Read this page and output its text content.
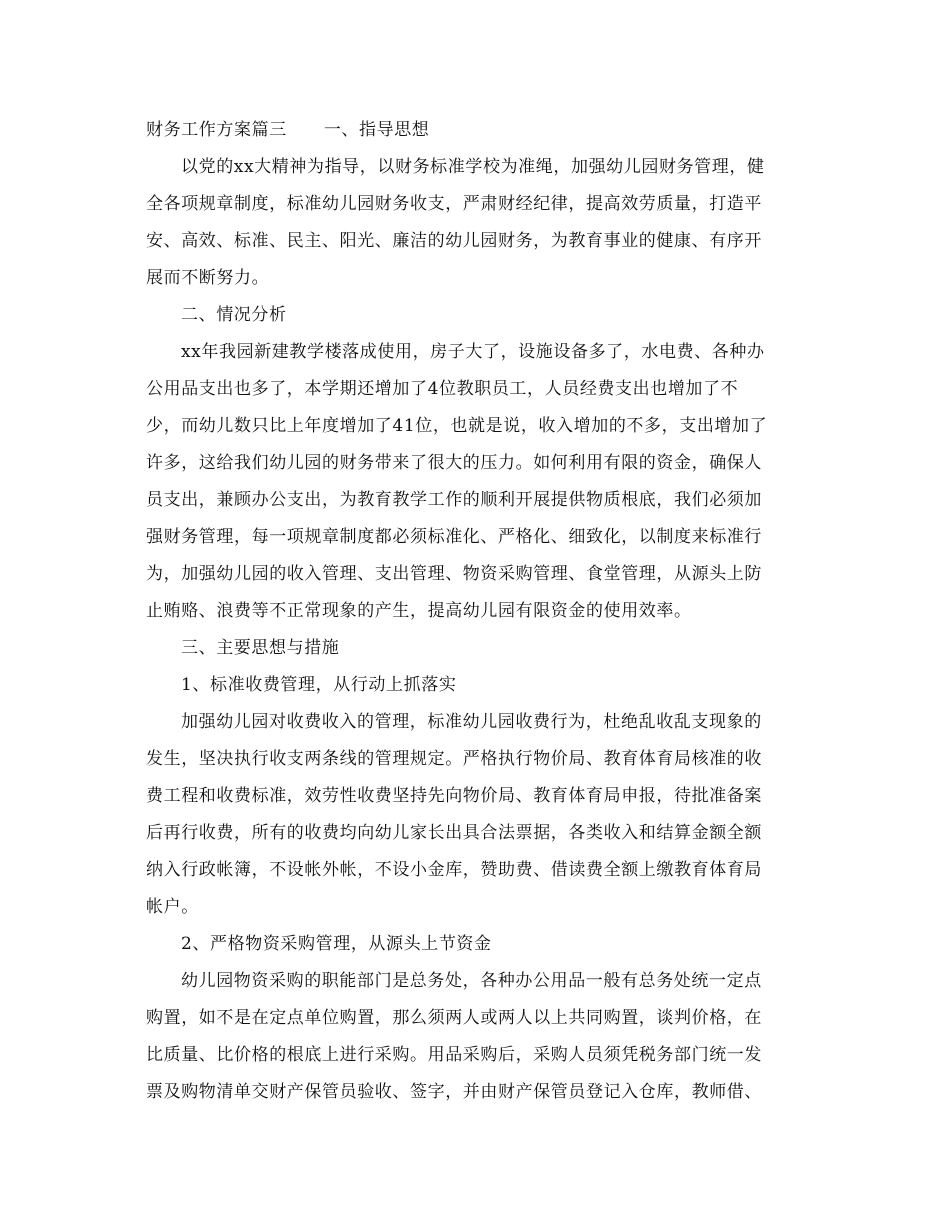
财务工作方案篇三 一、指导思想
以党的xx大精神为指导，以财务标准学校为准绳，加强幼儿园财务管理，健
全各项规章制度，标准幼儿园财务收支，严肃财经纪律，提高效劳质量，打造平
安、高效、标准、民主、阳光、廉洁的幼儿园财务，为教育事业的健康、有序开
展而不断努力。
二、情况分析
xx年我园新建教学楼落成使用，房子大了，设施设备多了，水电费、各种办
公用品支出也多了，本学期还增加了4位教职员工，人员经费支出也增加了不
少，而幼儿数只比上年度增加了41位，也就是说，收入增加的不多，支出增加了
许多，这给我们幼儿园的财务带来了很大的压力。如何利用有限的资金，确保人
员支出，兼顾办公支出，为教育教学工作的顺利开展提供物质根底，我们必须加
强财务管理，每一项规章制度都必须标准化、严格化、细致化，以制度来标准行
为，加强幼儿园的收入管理、支出管理、物资采购管理、食堂管理，从源头上防
止贿赂、浪费等不正常现象的产生，提高幼儿园有限资金的使用效率。
三、主要思想与措施
1、标准收费管理，从行动上抓落实
加强幼儿园对收费收入的管理，标准幼儿园收费行为，杜绝乱收乱支现象的
发生，坚决执行收支两条线的管理规定。严格执行物价局、教育体育局核准的收
费工程和收费标准，效劳性收费坚持先向物价局、教育体育局申报，待批准备案
后再行收费，所有的收费均向幼儿家长出具合法票据，各类收入和结算金额全额
纳入行政帐簿，不设帐外帐，不设小金库，赞助费、借读费全额上缴教育体育局
帐户。
2、严格物资采购管理，从源头上节资金
幼儿园物资采购的职能部门是总务处，各种办公用品一般有总务处统一定点
购置，如不是在定点单位购置，那么须两人或两人以上共同购置，谈判价格，在
比质量、比价格的根底上进行采购。用品采购后，采购人员须凭税务部门统一发
票及购物清单交财产保管员验收、签字，并由财产保管员登记入仓库，教师借、
